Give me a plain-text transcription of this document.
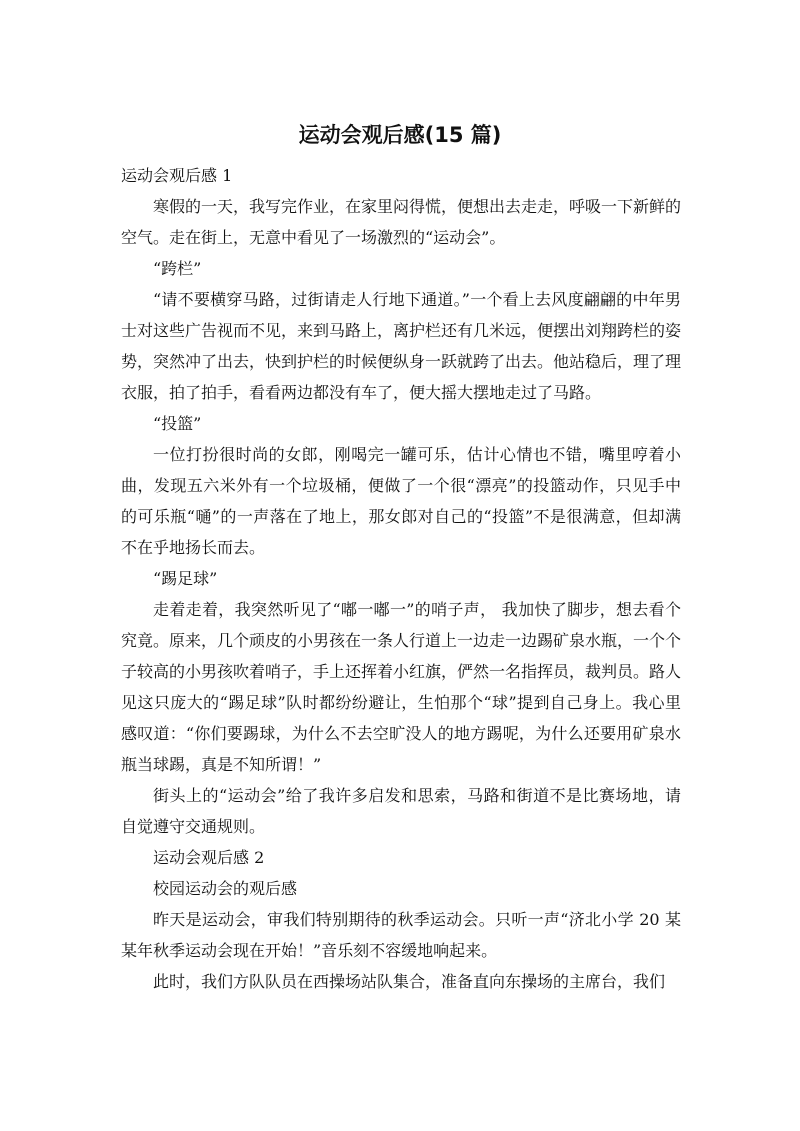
运动会观后感(15 篇)

运动会观后感 1

寒假的一天，我写完作业，在家里闷得慌，便想出去走走，呼吸一下新鲜的空气。走在街上，无意中看见了一场激烈的“运动会”。

“跨栏”

“请不要横穿马路，过街请走人行地下通道。”一个看上去风度翩翩的中年男士对这些广告视而不见，来到马路上，离护栏还有几米远，便摆出刘翔跨栏的姿势，突然冲了出去，快到护栏的时候便纵身一跃就跨了出去。他站稳后，理了理衣服，拍了拍手，看看两边都没有车了，便大摇大摆地走过了马路。

“投篮”

一位打扮很时尚的女郎，刚喝完一罐可乐，估计心情也不错，嘴里哼着小曲，发现五六米外有一个垃圾桶，便做了一个很“漂亮”的投篮动作，只见手中的可乐瓶“嗵”的一声落在了地上，那女郎对自己的“投篮”不是很满意，但却满不在乎地扬长而去。

“踢足球”

走着走着，我突然听见了“嘟一嘟一”的哨子声， 我加快了脚步，想去看个究竟。原来，几个顽皮的小男孩在一条人行道上一边走一边踢矿泉水瓶，一个个子较高的小男孩吹着哨子，手上还挥着小红旗，俨然一名指挥员，裁判员。路人见这只庞大的“踢足球”队时都纷纷避让，生怕那个“球”提到自己身上。我心里感叹道：“你们要踢球，为什么不去空旷没人的地方踢呢，为什么还要用矿泉水瓶当球踢，真是不知所谓！”

街头上的“运动会”给了我许多启发和思索，马路和街道不是比赛场地，请自觉遵守交通规则。

运动会观后感 2

校园运动会的观后感

昨天是运动会，审我们特别期待的秋季运动会。只听一声“济北小学 20 某某年秋季运动会现在开始！”音乐刻不容缓地响起来。

此时，我们方队队员在西操场站队集合，准备直向东操场的主席台，我们
